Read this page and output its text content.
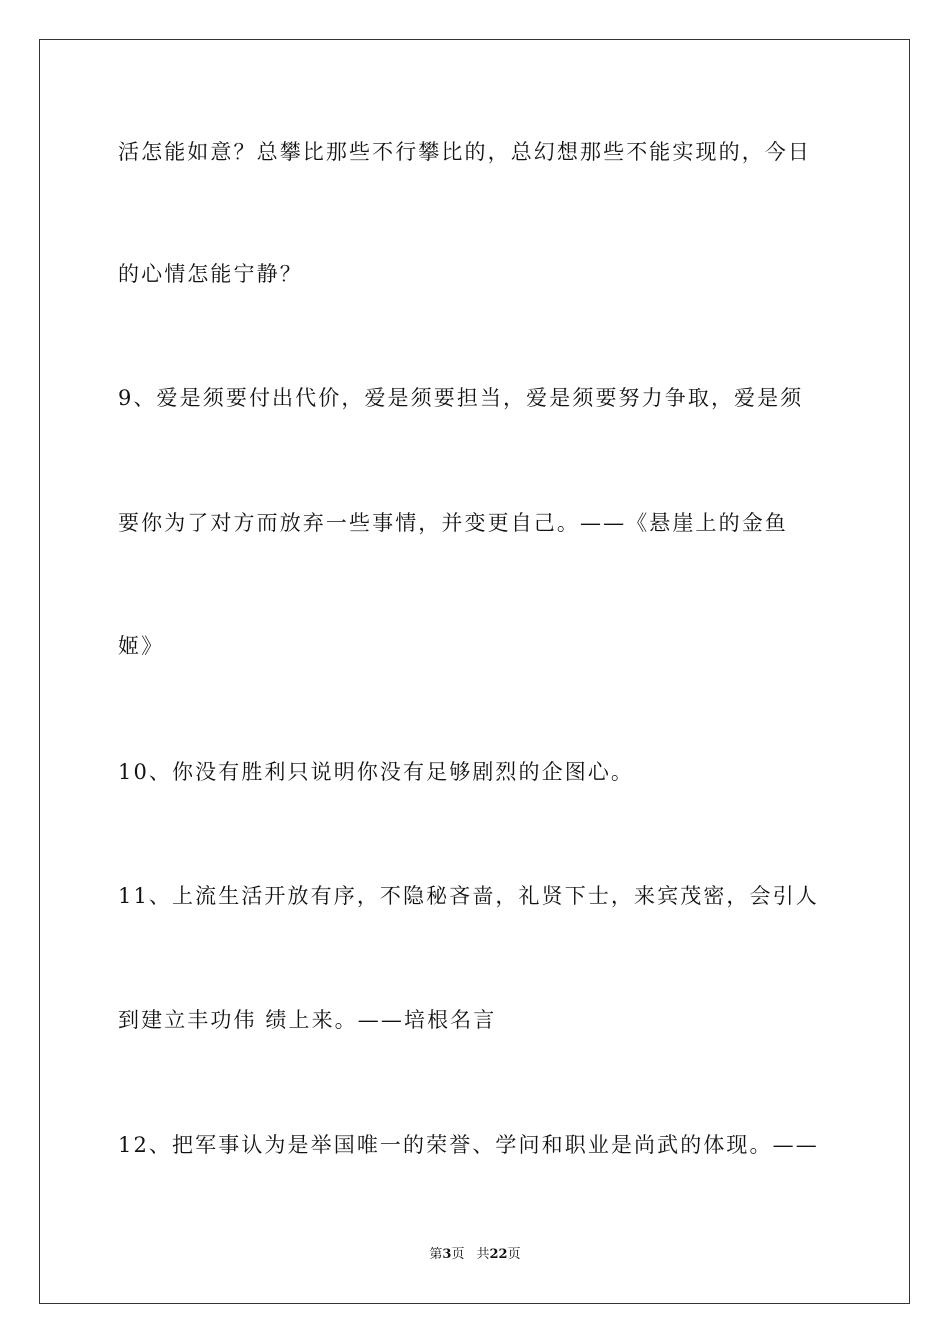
活怎能如意？总攀比那些不行攀比的，总幻想那些不能实现的，今日
的心情怎能宁静？
9、爱是须要付出代价，爱是须要担当，爱是须要努力争取，爱是须
要你为了对方而放弃一些事情，并变更自己。——《悬崖上的金鱼
姬》
10、你没有胜利只说明你没有足够剧烈的企图心。
11、上流生活开放有序，不隐秘吝啬，礼贤下士，来宾茂密，会引人
到建立丰功伟 绩上来。——培根名言
12、把军事认为是举国唯一的荣誉、学问和职业是尚武的体现。——
第3页 共22页
